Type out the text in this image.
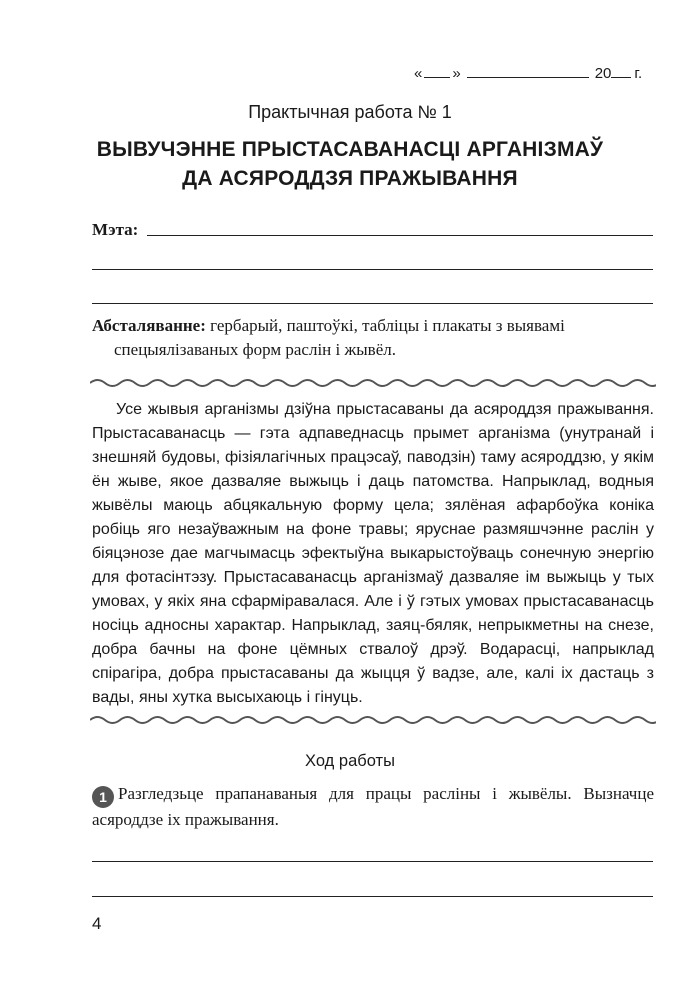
« »	20 г.
Практычная работа № 1
ВЫВУЧЭННЕ ПРЫСТАСАВАНАСЦІ АРГАНІЗМАЎ
ДА АСЯРОДДЗЯ ПРАЖЫВАННЯ
Мэта:
Абсталяванне: гербарый, паштоўкі, табліцы і плакаты з выявамі
спецыялізаваных форм раслін і жывёл.
Усе жывыя арганізмы дзіўна прыстасаваны да асяроддзя пражывання. Прыстасаванасць — гэта адпаведнасць прымет арганізма (унутранай і знешняй будовы, фізіялагічных працэсаў, паводзін) таму асяроддзю, у якім ён жыве, якое дазваляе выжыць і даць патомства. Напрыклад, водныя жывёлы маюць абцякальную форму цела; зялёная афарбоўка коніка робіць яго незаўважным на фоне травы; яруснае размяшчэнне раслін у біяцэнозе дае магчымасць эфектыўна выкарыстоўваць сонечную энергію для фотасінтэзу. Прыстасаванасць арганізмаў дазваляе ім выжыць у тых умовах, у якіх яна сфарміравалася. Але і ў гэтых умовах прыстасаванасць носіць адносны характар. Напрыклад, заяц-бяляк, непрыкметны на снезе, добра бачны на фоне цёмных ствалоў дрэў. Водарасці, напрыклад спірагіра, добра прыстасаваны да жыцця ў вадзе, але, калі іх дастаць з вады, яны хутка высыхаюць і гінуць.
Ход работы
1 Разгледзьце прапанаваныя для працы расліны і жывёлы. Вызначце асяроддзе іх пражывання.
4
